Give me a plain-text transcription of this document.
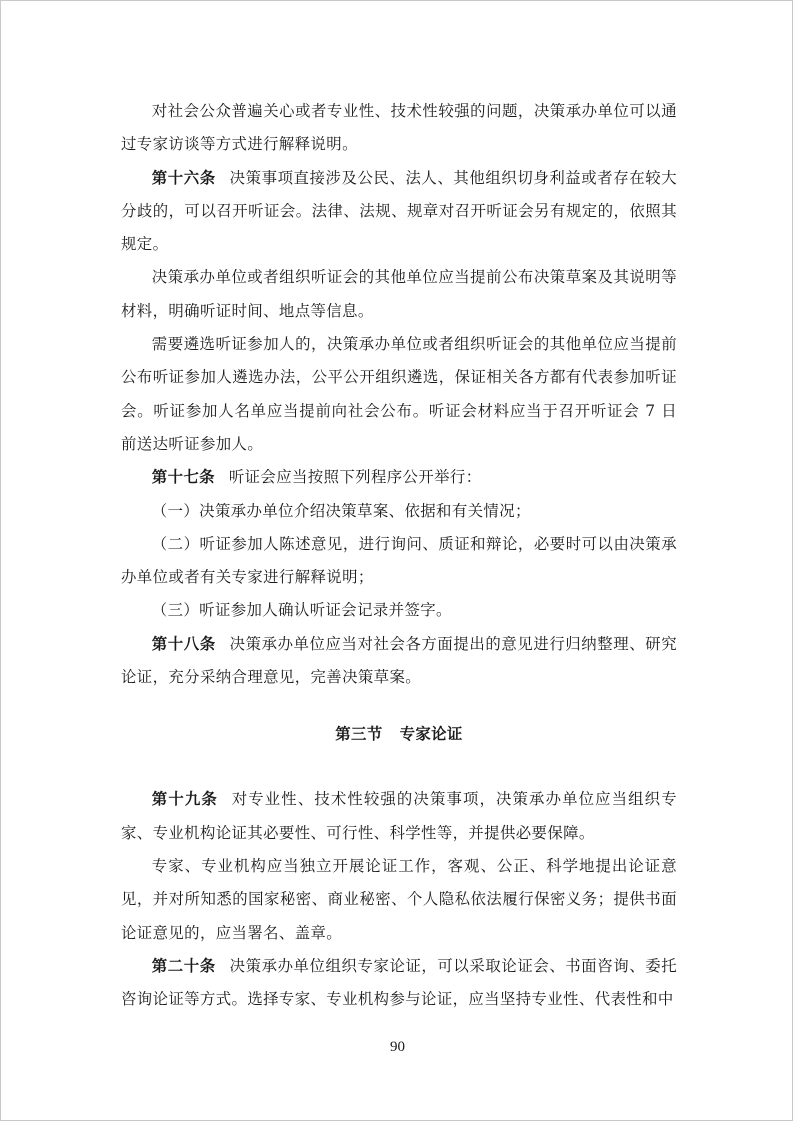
对社会公众普遍关心或者专业性、技术性较强的问题，决策承办单位可以通过专家访谈等方式进行解释说明。

第十六条 决策事项直接涉及公民、法人、其他组织切身利益或者存在较大分歧的，可以召开听证会。法律、法规、规章对召开听证会另有规定的，依照其规定。

决策承办单位或者组织听证会的其他单位应当提前公布决策草案及其说明等材料，明确听证时间、地点等信息。

需要遴选听证参加人的，决策承办单位或者组织听证会的其他单位应当提前公布听证参加人遴选办法，公平公开组织遴选，保证相关各方都有代表参加听证会。听证参加人名单应当提前向社会公布。听证会材料应当于召开听证会 7 日前送达听证参加人。

第十七条 听证会应当按照下列程序公开举行：

（一）决策承办单位介绍决策草案、依据和有关情况；

（二）听证参加人陈述意见，进行询问、质证和辩论，必要时可以由决策承办单位或者有关专家进行解释说明；

（三）听证参加人确认听证会记录并签字。

第十八条 决策承办单位应当对社会各方面提出的意见进行归纳整理、研究论证，充分采纳合理意见，完善决策草案。

第三节 专家论证

第十九条 对专业性、技术性较强的决策事项，决策承办单位应当组织专家、专业机构论证其必要性、可行性、科学性等，并提供必要保障。

专家、专业机构应当独立开展论证工作，客观、公正、科学地提出论证意见，并对所知悉的国家秘密、商业秘密、个人隐私依法履行保密义务；提供书面论证意见的，应当署名、盖章。

第二十条 决策承办单位组织专家论证，可以采取论证会、书面咨询、委托咨询论证等方式。选择专家、专业机构参与论证，应当坚持专业性、代表性和中

90
